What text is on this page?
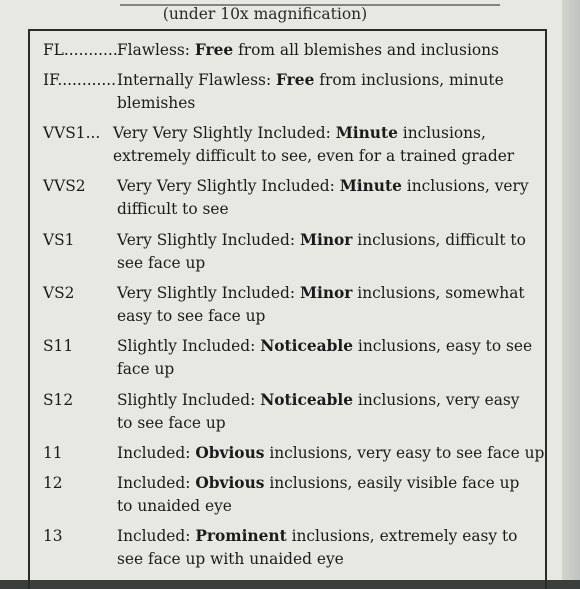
(under 10x magnification)
FL........... Flawless: Free from all blemishes and inclusions
IF............ Internally Flawless: Free from inclusions, minute blemishes
VVS1... Very Very Slightly Included: Minute inclusions, extremely difficult to see, even for a trained grader
VVS2 Very Very Slightly Included: Minute inclusions, very difficult to see
VS1	Very Slightly Included: Minor inclusions, difficult to see face up
VS2	Very Slightly Included: Minor inclusions, somewhat easy to see face up
S11	Slightly Included: Noticeable inclusions, easy to see face up
S12	Slightly Included: Noticeable inclusions, very easy to see face up
11	Included: Obvious inclusions, very easy to see face up
12	Included: Obvious inclusions, easily visible face up to unaided eye
13	Included: Prominent inclusions, extremely easy to see face up with unaided eye
